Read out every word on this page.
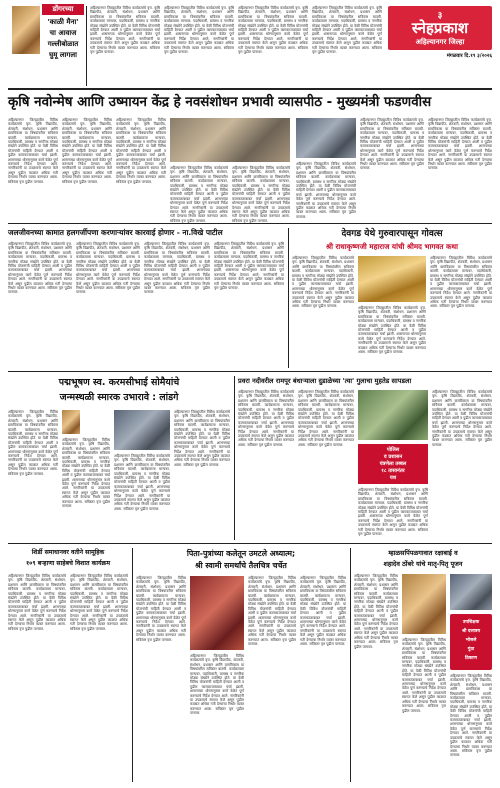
डोंगरच्या
'काळी मैना'
चा आवाज
गल्लीबोळात
घुमू लागला
अहिल्यानगर जिल्ह्यातील विविध कार्यक्रमांचे वृत्त. कृषि विद्यापीठ, शेतकरी, संशोधन, प्रशासन आणि ग्रामविकास या विषयांवरील सविस्तर बातमी. कार्यक्रमाला मान्यवर, पदाधिकारी, ग्रामस्थ व नागरिक मोठ्या संख्येने उपस्थित होते. या वेळी विविध योजनांची माहिती देण्यात आली व पुढील कामकाजाबाबत चर्चा झाली. शासनाच्या धोरणानुसार कामे वेळेत पूर्ण करण्याचे निर्देश देण्यात आले. नागरिकांनी या उपक्रमाचे स्वागत केले असून पुढील काळात अधिक गती देण्याचा निर्धार व्यक्त करण्यात आला. सविस्तर वृत्त पुढील पानावर.
अहिल्यानगर जिल्ह्यातील विविध कार्यक्रमांचे वृत्त. कृषि विद्यापीठ, शेतकरी, संशोधन, प्रशासन आणि ग्रामविकास या विषयांवरील सविस्तर बातमी. कार्यक्रमाला मान्यवर, पदाधिकारी, ग्रामस्थ व नागरिक मोठ्या संख्येने उपस्थित होते. या वेळी विविध योजनांची माहिती देण्यात आली व पुढील कामकाजाबाबत चर्चा झाली. शासनाच्या धोरणानुसार कामे वेळेत पूर्ण करण्याचे निर्देश देण्यात आले. नागरिकांनी या उपक्रमाचे स्वागत केले असून पुढील काळात अधिक गती देण्याचा निर्धार व्यक्त करण्यात आला. सविस्तर वृत्त पुढील पानावर.
अहिल्यानगर जिल्ह्यातील विविध कार्यक्रमांचे वृत्त. कृषि विद्यापीठ, शेतकरी, संशोधन, प्रशासन आणि ग्रामविकास या विषयांवरील सविस्तर बातमी. कार्यक्रमाला मान्यवर, पदाधिकारी, ग्रामस्थ व नागरिक मोठ्या संख्येने उपस्थित होते. या वेळी विविध योजनांची माहिती देण्यात आली व पुढील कामकाजाबाबत चर्चा झाली. शासनाच्या धोरणानुसार कामे वेळेत पूर्ण करण्याचे निर्देश देण्यात आले. नागरिकांनी या उपक्रमाचे स्वागत केले असून पुढील काळात अधिक गती देण्याचा निर्धार व्यक्त करण्यात आला. सविस्तर वृत्त पुढील पानावर.
अहिल्यानगर जिल्ह्यातील विविध कार्यक्रमांचे वृत्त. कृषि विद्यापीठ, शेतकरी, संशोधन, प्रशासन आणि ग्रामविकास या विषयांवरील सविस्तर बातमी. कार्यक्रमाला मान्यवर, पदाधिकारी, ग्रामस्थ व नागरिक मोठ्या संख्येने उपस्थित होते. या वेळी विविध योजनांची माहिती देण्यात आली व पुढील कामकाजाबाबत चर्चा झाली. शासनाच्या धोरणानुसार कामे वेळेत पूर्ण करण्याचे निर्देश देण्यात आले. नागरिकांनी या उपक्रमाचे स्वागत केले असून पुढील काळात अधिक गती देण्याचा निर्धार व्यक्त करण्यात आला. सविस्तर वृत्त पुढील पानावर.
३
स्नेहप्रकाश
अहिल्यानगर जिल्हा
मंगळवार दि.१९ ३/२०२६
कृषि नवोन्मेष आणि उष्मायन केंद्र हे नवसंशोधन प्रभावी व्यासपीठ - मुख्यमंत्री फडणवीस
अहिल्यानगर जिल्ह्यातील विविध कार्यक्रमांचे वृत्त. कृषि विद्यापीठ, शेतकरी, संशोधन, प्रशासन आणि ग्रामविकास या विषयांवरील सविस्तर बातमी. कार्यक्रमाला मान्यवर, पदाधिकारी, ग्रामस्थ व नागरिक मोठ्या संख्येने उपस्थित होते. या वेळी विविध योजनांची माहिती देण्यात आली व पुढील कामकाजाबाबत चर्चा झाली. शासनाच्या धोरणानुसार कामे वेळेत पूर्ण करण्याचे निर्देश देण्यात आले. नागरिकांनी या उपक्रमाचे स्वागत केले असून पुढील काळात अधिक गती देण्याचा निर्धार व्यक्त करण्यात आला. सविस्तर वृत्त पुढील पानावर.
अहिल्यानगर जिल्ह्यातील विविध कार्यक्रमांचे वृत्त. कृषि विद्यापीठ, शेतकरी, संशोधन, प्रशासन आणि ग्रामविकास या विषयांवरील सविस्तर बातमी. कार्यक्रमाला मान्यवर, पदाधिकारी, ग्रामस्थ व नागरिक मोठ्या संख्येने उपस्थित होते. या वेळी विविध योजनांची माहिती देण्यात आली व पुढील कामकाजाबाबत चर्चा झाली. शासनाच्या धोरणानुसार कामे वेळेत पूर्ण करण्याचे निर्देश देण्यात आले. नागरिकांनी या उपक्रमाचे स्वागत केले असून पुढील काळात अधिक गती देण्याचा निर्धार व्यक्त करण्यात आला. सविस्तर वृत्त पुढील पानावर.
अहिल्यानगर जिल्ह्यातील विविध कार्यक्रमांचे वृत्त. कृषि विद्यापीठ, शेतकरी, संशोधन, प्रशासन आणि ग्रामविकास या विषयांवरील सविस्तर बातमी. कार्यक्रमाला मान्यवर, पदाधिकारी, ग्रामस्थ व नागरिक मोठ्या संख्येने उपस्थित होते. या वेळी विविध योजनांची माहिती देण्यात आली व पुढील कामकाजाबाबत चर्चा झाली. शासनाच्या धोरणानुसार कामे वेळेत पूर्ण करण्याचे निर्देश देण्यात आले. नागरिकांनी या उपक्रमाचे स्वागत केले असून पुढील काळात अधिक गती देण्याचा निर्धार व्यक्त करण्यात आला. सविस्तर वृत्त पुढील पानावर.
अहिल्यानगर जिल्ह्यातील विविध कार्यक्रमांचे वृत्त. कृषि विद्यापीठ, शेतकरी, संशोधन, प्रशासन आणि ग्रामविकास या विषयांवरील सविस्तर बातमी. कार्यक्रमाला मान्यवर, पदाधिकारी, ग्रामस्थ व नागरिक मोठ्या संख्येने उपस्थित होते. या वेळी विविध योजनांची माहिती देण्यात आली व पुढील कामकाजाबाबत चर्चा झाली. शासनाच्या धोरणानुसार कामे वेळेत पूर्ण करण्याचे निर्देश देण्यात आले. नागरिकांनी या उपक्रमाचे स्वागत केले असून पुढील काळात अधिक गती देण्याचा निर्धार व्यक्त करण्यात आला. सविस्तर वृत्त पुढील पानावर.
अहिल्यानगर जिल्ह्यातील विविध कार्यक्रमांचे वृत्त. कृषि विद्यापीठ, शेतकरी, संशोधन, प्रशासन आणि ग्रामविकास या विषयांवरील सविस्तर बातमी. कार्यक्रमाला मान्यवर, पदाधिकारी, ग्रामस्थ व नागरिक मोठ्या संख्येने उपस्थित होते. या वेळी विविध योजनांची माहिती देण्यात आली व पुढील कामकाजाबाबत चर्चा झाली. शासनाच्या धोरणानुसार कामे वेळेत पूर्ण करण्याचे निर्देश देण्यात आले. नागरिकांनी या उपक्रमाचे स्वागत केले असून पुढील काळात अधिक गती देण्याचा निर्धार व्यक्त करण्यात आला. सविस्तर वृत्त पुढील पानावर.
अहिल्यानगर जिल्ह्यातील विविध कार्यक्रमांचे वृत्त. कृषि विद्यापीठ, शेतकरी, संशोधन, प्रशासन आणि ग्रामविकास या विषयांवरील सविस्तर बातमी. कार्यक्रमाला मान्यवर, पदाधिकारी, ग्रामस्थ व नागरिक मोठ्या संख्येने उपस्थित होते. या वेळी विविध योजनांची माहिती देण्यात आली व पुढील कामकाजाबाबत चर्चा झाली. शासनाच्या धोरणानुसार कामे वेळेत पूर्ण करण्याचे निर्देश देण्यात आले. नागरिकांनी या उपक्रमाचे स्वागत केले असून पुढील काळात अधिक गती देण्याचा निर्धार व्यक्त करण्यात आला. सविस्तर वृत्त पुढील पानावर.
अहिल्यानगर जिल्ह्यातील विविध कार्यक्रमांचे वृत्त. कृषि विद्यापीठ, शेतकरी, संशोधन, प्रशासन आणि ग्रामविकास या विषयांवरील सविस्तर बातमी. कार्यक्रमाला मान्यवर, पदाधिकारी, ग्रामस्थ व नागरिक मोठ्या संख्येने उपस्थित होते. या वेळी विविध योजनांची माहिती देण्यात आली व पुढील कामकाजाबाबत चर्चा झाली. शासनाच्या धोरणानुसार कामे वेळेत पूर्ण करण्याचे निर्देश देण्यात आले. नागरिकांनी या उपक्रमाचे स्वागत केले असून पुढील काळात अधिक गती देण्याचा निर्धार व्यक्त करण्यात आला. सविस्तर वृत्त पुढील पानावर.
अहिल्यानगर जिल्ह्यातील विविध कार्यक्रमांचे वृत्त. कृषि विद्यापीठ, शेतकरी, संशोधन, प्रशासन आणि ग्रामविकास या विषयांवरील सविस्तर बातमी. कार्यक्रमाला मान्यवर, पदाधिकारी, ग्रामस्थ व नागरिक मोठ्या संख्येने उपस्थित होते. या वेळी विविध योजनांची माहिती देण्यात आली व पुढील कामकाजाबाबत चर्चा झाली. शासनाच्या धोरणानुसार कामे वेळेत पूर्ण करण्याचे निर्देश देण्यात आले. नागरिकांनी या उपक्रमाचे स्वागत केले असून पुढील काळात अधिक गती देण्याचा निर्धार व्यक्त करण्यात आला. सविस्तर वृत्त पुढील पानावर.
जलजीवनच्या कामात हलगर्जीपणा करणाऱ्यांवर कारवाई होणार - ना.विखे पाटील
अहिल्यानगर जिल्ह्यातील विविध कार्यक्रमांचे वृत्त. कृषि विद्यापीठ, शेतकरी, संशोधन, प्रशासन आणि ग्रामविकास या विषयांवरील सविस्तर बातमी. कार्यक्रमाला मान्यवर, पदाधिकारी, ग्रामस्थ व नागरिक मोठ्या संख्येने उपस्थित होते. या वेळी विविध योजनांची माहिती देण्यात आली व पुढील कामकाजाबाबत चर्चा झाली. शासनाच्या धोरणानुसार कामे वेळेत पूर्ण करण्याचे निर्देश देण्यात आले. नागरिकांनी या उपक्रमाचे स्वागत केले असून पुढील काळात अधिक गती देण्याचा निर्धार व्यक्त करण्यात आला. सविस्तर वृत्त पुढील पानावर.
अहिल्यानगर जिल्ह्यातील विविध कार्यक्रमांचे वृत्त. कृषि विद्यापीठ, शेतकरी, संशोधन, प्रशासन आणि ग्रामविकास या विषयांवरील सविस्तर बातमी. कार्यक्रमाला मान्यवर, पदाधिकारी, ग्रामस्थ व नागरिक मोठ्या संख्येने उपस्थित होते. या वेळी विविध योजनांची माहिती देण्यात आली व पुढील कामकाजाबाबत चर्चा झाली. शासनाच्या धोरणानुसार कामे वेळेत पूर्ण करण्याचे निर्देश देण्यात आले. नागरिकांनी या उपक्रमाचे स्वागत केले असून पुढील काळात अधिक गती देण्याचा निर्धार व्यक्त करण्यात आला. सविस्तर वृत्त पुढील पानावर.
अहिल्यानगर जिल्ह्यातील विविध कार्यक्रमांचे वृत्त. कृषि विद्यापीठ, शेतकरी, संशोधन, प्रशासन आणि ग्रामविकास या विषयांवरील सविस्तर बातमी. कार्यक्रमाला मान्यवर, पदाधिकारी, ग्रामस्थ व नागरिक मोठ्या संख्येने उपस्थित होते. या वेळी विविध योजनांची माहिती देण्यात आली व पुढील कामकाजाबाबत चर्चा झाली. शासनाच्या धोरणानुसार कामे वेळेत पूर्ण करण्याचे निर्देश देण्यात आले. नागरिकांनी या उपक्रमाचे स्वागत केले असून पुढील काळात अधिक गती देण्याचा निर्धार व्यक्त करण्यात आला. सविस्तर वृत्त पुढील पानावर.
अहिल्यानगर जिल्ह्यातील विविध कार्यक्रमांचे वृत्त. कृषि विद्यापीठ, शेतकरी, संशोधन, प्रशासन आणि ग्रामविकास या विषयांवरील सविस्तर बातमी. कार्यक्रमाला मान्यवर, पदाधिकारी, ग्रामस्थ व नागरिक मोठ्या संख्येने उपस्थित होते. या वेळी विविध योजनांची माहिती देण्यात आली व पुढील कामकाजाबाबत चर्चा झाली. शासनाच्या धोरणानुसार कामे वेळेत पूर्ण करण्याचे निर्देश देण्यात आले. नागरिकांनी या उपक्रमाचे स्वागत केले असून पुढील काळात अधिक गती देण्याचा निर्धार व्यक्त करण्यात आला. सविस्तर वृत्त पुढील पानावर.
देवगड येथे गुरुवारपासून गोवत्स
श्री राधाकृष्णजी महाराज यांची श्रीमद भागवत कथा
अहिल्यानगर जिल्ह्यातील विविध कार्यक्रमांचे वृत्त. कृषि विद्यापीठ, शेतकरी, संशोधन, प्रशासन आणि ग्रामविकास या विषयांवरील सविस्तर बातमी. कार्यक्रमाला मान्यवर, पदाधिकारी, ग्रामस्थ व नागरिक मोठ्या संख्येने उपस्थित होते. या वेळी विविध योजनांची माहिती देण्यात आली व पुढील कामकाजाबाबत चर्चा झाली. शासनाच्या धोरणानुसार कामे वेळेत पूर्ण करण्याचे निर्देश देण्यात आले. नागरिकांनी या उपक्रमाचे स्वागत केले असून पुढील काळात अधिक गती देण्याचा निर्धार व्यक्त करण्यात आला. सविस्तर वृत्त पुढील पानावर.	अहिल्यानगर जिल्ह्यातील विविध कार्यक्रमांचे वृत्त. कृषि विद्यापीठ, शेतकरी, संशोधन, प्रशासन आणि ग्रामविकास या विषयांवरील सविस्तर बातमी. कार्यक्रमाला मान्यवर, पदाधिकारी, ग्रामस्थ व नागरिक मोठ्या संख्येने उपस्थित होते. या वेळी विविध योजनांची माहिती देण्यात आली व पुढील कामकाजाबाबत चर्चा झाली. शासनाच्या धोरणानुसार कामे वेळेत पूर्ण करण्याचे निर्देश देण्यात आले. नागरिकांनी या उपक्रमाचे स्वागत केले असून पुढील काळात अधिक गती देण्याचा निर्धार व्यक्त करण्यात आला. सविस्तर वृत्त पुढील पानावर.
अहिल्यानगर जिल्ह्यातील विविध कार्यक्रमांचे वृत्त. कृषि विद्यापीठ, शेतकरी, संशोधन, प्रशासन आणि ग्रामविकास या विषयांवरील सविस्तर बातमी. कार्यक्रमाला मान्यवर, पदाधिकारी, ग्रामस्थ व नागरिक मोठ्या संख्येने उपस्थित होते. या वेळी विविध योजनांची माहिती देण्यात आली व पुढील कामकाजाबाबत चर्चा झाली. शासनाच्या धोरणानुसार कामे वेळेत पूर्ण करण्याचे निर्देश देण्यात आले. नागरिकांनी या उपक्रमाचे स्वागत केले असून पुढील काळात अधिक गती देण्याचा निर्धार व्यक्त करण्यात आला. सविस्तर वृत्त पुढील पानावर.
पद्मभूषण स्व. करमसीभाई सोमैयांचे
जन्मस्थळी स्मारक उभारावे : लांडगे
अहिल्यानगर जिल्ह्यातील विविध कार्यक्रमांचे वृत्त. कृषि विद्यापीठ, शेतकरी, संशोधन, प्रशासन आणि ग्रामविकास या विषयांवरील सविस्तर बातमी. कार्यक्रमाला मान्यवर, पदाधिकारी, ग्रामस्थ व नागरिक मोठ्या संख्येने उपस्थित होते. या वेळी विविध योजनांची माहिती देण्यात आली व पुढील कामकाजाबाबत चर्चा झाली. शासनाच्या धोरणानुसार कामे वेळेत पूर्ण करण्याचे निर्देश देण्यात आले. नागरिकांनी या उपक्रमाचे स्वागत केले असून पुढील काळात अधिक गती देण्याचा निर्धार व्यक्त करण्यात आला. सविस्तर वृत्त पुढील पानावर.
अहिल्यानगर जिल्ह्यातील विविध कार्यक्रमांचे वृत्त. कृषि विद्यापीठ, शेतकरी, संशोधन, प्रशासन आणि ग्रामविकास या विषयांवरील सविस्तर बातमी. कार्यक्रमाला मान्यवर, पदाधिकारी, ग्रामस्थ व नागरिक मोठ्या संख्येने उपस्थित होते. या वेळी विविध योजनांची माहिती देण्यात आली व पुढील कामकाजाबाबत चर्चा झाली. शासनाच्या धोरणानुसार कामे वेळेत पूर्ण करण्याचे निर्देश देण्यात आले. नागरिकांनी या उपक्रमाचे स्वागत केले असून पुढील काळात अधिक गती देण्याचा निर्धार व्यक्त करण्यात आला. सविस्तर वृत्त पुढील पानावर.
अहिल्यानगर जिल्ह्यातील विविध कार्यक्रमांचे वृत्त. कृषि विद्यापीठ, शेतकरी, संशोधन, प्रशासन आणि ग्रामविकास या विषयांवरील सविस्तर बातमी. कार्यक्रमाला मान्यवर, पदाधिकारी, ग्रामस्थ व नागरिक मोठ्या संख्येने उपस्थित होते. या वेळी विविध योजनांची माहिती देण्यात आली व पुढील कामकाजाबाबत चर्चा झाली. शासनाच्या धोरणानुसार कामे वेळेत पूर्ण करण्याचे निर्देश देण्यात आले. नागरिकांनी या उपक्रमाचे स्वागत केले असून पुढील काळात अधिक गती देण्याचा निर्धार व्यक्त करण्यात आला. सविस्तर वृत्त पुढील पानावर.
अहिल्यानगर जिल्ह्यातील विविध कार्यक्रमांचे वृत्त. कृषि विद्यापीठ, शेतकरी, संशोधन, प्रशासन आणि ग्रामविकास या विषयांवरील सविस्तर बातमी. कार्यक्रमाला मान्यवर, पदाधिकारी, ग्रामस्थ व नागरिक मोठ्या संख्येने उपस्थित होते. या वेळी विविध योजनांची माहिती देण्यात आली व पुढील कामकाजाबाबत चर्चा झाली. शासनाच्या धोरणानुसार कामे वेळेत पूर्ण करण्याचे निर्देश देण्यात आले. नागरिकांनी या उपक्रमाचे स्वागत केले असून पुढील काळात अधिक गती देण्याचा निर्धार व्यक्त करण्यात आला. सविस्तर वृत्त पुढील पानावर.
प्रवरा नदीवरील रामपूर बंधाऱ्याला दुडाळेच्या 'त्या' गुलाचा मुहतेड सापडला
अहिल्यानगर जिल्ह्यातील विविध कार्यक्रमांचे वृत्त. कृषि विद्यापीठ, शेतकरी, संशोधन, प्रशासन आणि ग्रामविकास या विषयांवरील सविस्तर बातमी. कार्यक्रमाला मान्यवर, पदाधिकारी, ग्रामस्थ व नागरिक मोठ्या संख्येने उपस्थित होते. या वेळी विविध योजनांची माहिती देण्यात आली व पुढील कामकाजाबाबत चर्चा झाली. शासनाच्या धोरणानुसार कामे वेळेत पूर्ण करण्याचे निर्देश देण्यात आले. नागरिकांनी या उपक्रमाचे स्वागत केले असून पुढील काळात अधिक गती देण्याचा निर्धार व्यक्त करण्यात आला. सविस्तर वृत्त पुढील पानावर.
अहिल्यानगर जिल्ह्यातील विविध कार्यक्रमांचे वृत्त. कृषि विद्यापीठ, शेतकरी, संशोधन, प्रशासन आणि ग्रामविकास या विषयांवरील सविस्तर बातमी. कार्यक्रमाला मान्यवर, पदाधिकारी, ग्रामस्थ व नागरिक मोठ्या संख्येने उपस्थित होते. या वेळी विविध योजनांची माहिती देण्यात आली व पुढील कामकाजाबाबत चर्चा झाली. शासनाच्या धोरणानुसार कामे वेळेत पूर्ण करण्याचे निर्देश देण्यात आले. नागरिकांनी या उपक्रमाचे स्वागत केले असून पुढील काळात अधिक गती देण्याचा निर्धार व्यक्त करण्यात आला. सविस्तर वृत्त पुढील पानावर.
पोलिस
व प्रशासन
यंत्रणेला तब्बल
१८ तासानंतर
यश
अहिल्यानगर जिल्ह्यातील विविध कार्यक्रमांचे वृत्त. कृषि विद्यापीठ, शेतकरी, संशोधन, प्रशासन आणि ग्रामविकास या विषयांवरील सविस्तर बातमी. कार्यक्रमाला मान्यवर, पदाधिकारी, ग्रामस्थ व नागरिक मोठ्या संख्येने उपस्थित होते. या वेळी विविध योजनांची माहिती देण्यात आली व पुढील कामकाजाबाबत चर्चा झाली. शासनाच्या धोरणानुसार कामे वेळेत पूर्ण करण्याचे निर्देश देण्यात आले. नागरिकांनी या उपक्रमाचे स्वागत केले असून पुढील काळात अधिक गती देण्याचा निर्धार व्यक्त करण्यात आला. सविस्तर वृत्त पुढील पानावर.
अहिल्यानगर जिल्ह्यातील विविध कार्यक्रमांचे वृत्त. कृषि विद्यापीठ, शेतकरी, संशोधन, प्रशासन आणि ग्रामविकास या विषयांवरील सविस्तर बातमी. कार्यक्रमाला मान्यवर, पदाधिकारी, ग्रामस्थ व नागरिक मोठ्या संख्येने उपस्थित होते. या वेळी विविध योजनांची माहिती देण्यात आली व पुढील कामकाजाबाबत चर्चा झाली. शासनाच्या धोरणानुसार कामे वेळेत पूर्ण करण्याचे निर्देश देण्यात आले. नागरिकांनी या उपक्रमाचे स्वागत केले असून पुढील काळात अधिक गती देण्याचा निर्धार व्यक्त करण्यात आला. सविस्तर वृत्त पुढील पानावर.
शिर्डी समाधानवर वतीने सामूहिक
१०९ बऱ्हाणा साहेबचे विशात कार्यक्रम
अहिल्यानगर जिल्ह्यातील विविध कार्यक्रमांचे वृत्त. कृषि विद्यापीठ, शेतकरी, संशोधन, प्रशासन आणि ग्रामविकास या विषयांवरील सविस्तर बातमी. कार्यक्रमाला मान्यवर, पदाधिकारी, ग्रामस्थ व नागरिक मोठ्या संख्येने उपस्थित होते. या वेळी विविध योजनांची माहिती देण्यात आली व पुढील कामकाजाबाबत चर्चा झाली. शासनाच्या धोरणानुसार कामे वेळेत पूर्ण करण्याचे निर्देश देण्यात आले. नागरिकांनी या उपक्रमाचे स्वागत केले असून पुढील काळात अधिक गती देण्याचा निर्धार व्यक्त करण्यात आला. सविस्तर वृत्त पुढील पानावर.
अहिल्यानगर जिल्ह्यातील विविध कार्यक्रमांचे वृत्त. कृषि विद्यापीठ, शेतकरी, संशोधन, प्रशासन आणि ग्रामविकास या विषयांवरील सविस्तर बातमी. कार्यक्रमाला मान्यवर, पदाधिकारी, ग्रामस्थ व नागरिक मोठ्या संख्येने उपस्थित होते. या वेळी विविध योजनांची माहिती देण्यात आली व पुढील कामकाजाबाबत चर्चा झाली. शासनाच्या धोरणानुसार कामे वेळेत पूर्ण करण्याचे निर्देश देण्यात आले. नागरिकांनी या उपक्रमाचे स्वागत केले असून पुढील काळात अधिक गती देण्याचा निर्धार व्यक्त करण्यात आला. सविस्तर वृत्त पुढील पानावर.
पिता-पुत्रांच्या कलेतून उमटले अध्यात्म;
श्री स्वामी समर्थांचे तैलचित्र चर्चेत
अहिल्यानगर जिल्ह्यातील विविध कार्यक्रमांचे वृत्त. कृषि विद्यापीठ, शेतकरी, संशोधन, प्रशासन आणि ग्रामविकास या विषयांवरील सविस्तर बातमी. कार्यक्रमाला मान्यवर, पदाधिकारी, ग्रामस्थ व नागरिक मोठ्या संख्येने उपस्थित होते. या वेळी विविध योजनांची माहिती देण्यात आली व पुढील कामकाजाबाबत चर्चा झाली. शासनाच्या धोरणानुसार कामे वेळेत पूर्ण करण्याचे निर्देश देण्यात आले. नागरिकांनी या उपक्रमाचे स्वागत केले असून पुढील काळात अधिक गती देण्याचा निर्धार व्यक्त करण्यात आला. सविस्तर वृत्त पुढील पानावर.
अहिल्यानगर जिल्ह्यातील विविध कार्यक्रमांचे वृत्त. कृषि विद्यापीठ, शेतकरी, संशोधन, प्रशासन आणि ग्रामविकास या विषयांवरील सविस्तर बातमी. कार्यक्रमाला मान्यवर, पदाधिकारी, ग्रामस्थ व नागरिक मोठ्या संख्येने उपस्थित होते. या वेळी विविध योजनांची माहिती देण्यात आली व पुढील कामकाजाबाबत चर्चा झाली. शासनाच्या धोरणानुसार कामे वेळेत पूर्ण करण्याचे निर्देश देण्यात आले. नागरिकांनी या उपक्रमाचे स्वागत केले असून पुढील काळात अधिक गती देण्याचा निर्धार व्यक्त करण्यात आला. सविस्तर वृत्त पुढील पानावर.
अहिल्यानगर जिल्ह्यातील विविध कार्यक्रमांचे वृत्त. कृषि विद्यापीठ, शेतकरी, संशोधन, प्रशासन आणि ग्रामविकास या विषयांवरील सविस्तर बातमी. कार्यक्रमाला मान्यवर, पदाधिकारी, ग्रामस्थ व नागरिक मोठ्या संख्येने उपस्थित होते. या वेळी विविध योजनांची माहिती देण्यात आली व पुढील कामकाजाबाबत चर्चा झाली. शासनाच्या धोरणानुसार कामे वेळेत पूर्ण करण्याचे निर्देश देण्यात आले. नागरिकांनी या उपक्रमाचे स्वागत केले असून पुढील काळात अधिक गती देण्याचा निर्धार व्यक्त करण्यात आला. सविस्तर वृत्त पुढील पानावर.
अहिल्यानगर जिल्ह्यातील विविध कार्यक्रमांचे वृत्त. कृषि विद्यापीठ, शेतकरी, संशोधन, प्रशासन आणि ग्रामविकास या विषयांवरील सविस्तर बातमी. कार्यक्रमाला मान्यवर, पदाधिकारी, ग्रामस्थ व नागरिक मोठ्या संख्येने उपस्थित होते. या वेळी विविध योजनांची माहिती देण्यात आली व पुढील कामकाजाबाबत चर्चा झाली. शासनाच्या धोरणानुसार कामे वेळेत पूर्ण करण्याचे निर्देश देण्यात आले. नागरिकांनी या उपक्रमाचे स्वागत केले असून पुढील काळात अधिक गती देण्याचा निर्धार व्यक्त करण्यात आला. सविस्तर वृत्त पुढील पानावर.
म्हाळसपिंपळगावात रक्षाबाई व
शहादेव ठोंबरे यांचे मातृ-पितृ पूजन
अहिल्यानगर जिल्ह्यातील विविध कार्यक्रमांचे वृत्त. कृषि विद्यापीठ, शेतकरी, संशोधन, प्रशासन आणि ग्रामविकास या विषयांवरील सविस्तर बातमी. कार्यक्रमाला मान्यवर, पदाधिकारी, ग्रामस्थ व नागरिक मोठ्या संख्येने उपस्थित होते. या वेळी विविध योजनांची माहिती देण्यात आली व पुढील कामकाजाबाबत चर्चा झाली. शासनाच्या धोरणानुसार कामे वेळेत पूर्ण करण्याचे निर्देश देण्यात आले. नागरिकांनी या उपक्रमाचे स्वागत केले असून पुढील काळात अधिक गती देण्याचा निर्धार व्यक्त करण्यात आला. सविस्तर वृत्त पुढील पानावर.
अहिल्यानगर जिल्ह्यातील विविध कार्यक्रमांचे वृत्त. कृषि विद्यापीठ, शेतकरी, संशोधन, प्रशासन आणि ग्रामविकास या विषयांवरील सविस्तर बातमी. कार्यक्रमाला मान्यवर, पदाधिकारी, ग्रामस्थ व नागरिक मोठ्या संख्येने उपस्थित होते. या वेळी विविध योजनांची माहिती देण्यात आली व पुढील कामकाजाबाबत चर्चा झाली. शासनाच्या धोरणानुसार कामे वेळेत पूर्ण करण्याचे निर्देश देण्यात आले. नागरिकांनी या उपक्रमाचे स्वागत केले असून पुढील काळात अधिक गती देण्याचा निर्धार व्यक्त करण्यात आला. सविस्तर वृत्त पुढील पानावर.
उपशिक्षक
श्री दत्तात्रय
भोसले
गुंठा
ठिकाण
अहिल्यानगर जिल्ह्यातील विविध कार्यक्रमांचे वृत्त. कृषि विद्यापीठ, शेतकरी, संशोधन, प्रशासन आणि ग्रामविकास या विषयांवरील सविस्तर बातमी. कार्यक्रमाला मान्यवर, पदाधिकारी, ग्रामस्थ व नागरिक मोठ्या संख्येने उपस्थित होते. या वेळी विविध योजनांची माहिती देण्यात आली व पुढील कामकाजाबाबत चर्चा झाली. शासनाच्या धोरणानुसार कामे वेळेत पूर्ण करण्याचे निर्देश देण्यात आले. नागरिकांनी या उपक्रमाचे स्वागत केले असून पुढील काळात अधिक गती देण्याचा निर्धार व्यक्त करण्यात आला. सविस्तर वृत्त पुढील पानावर.
